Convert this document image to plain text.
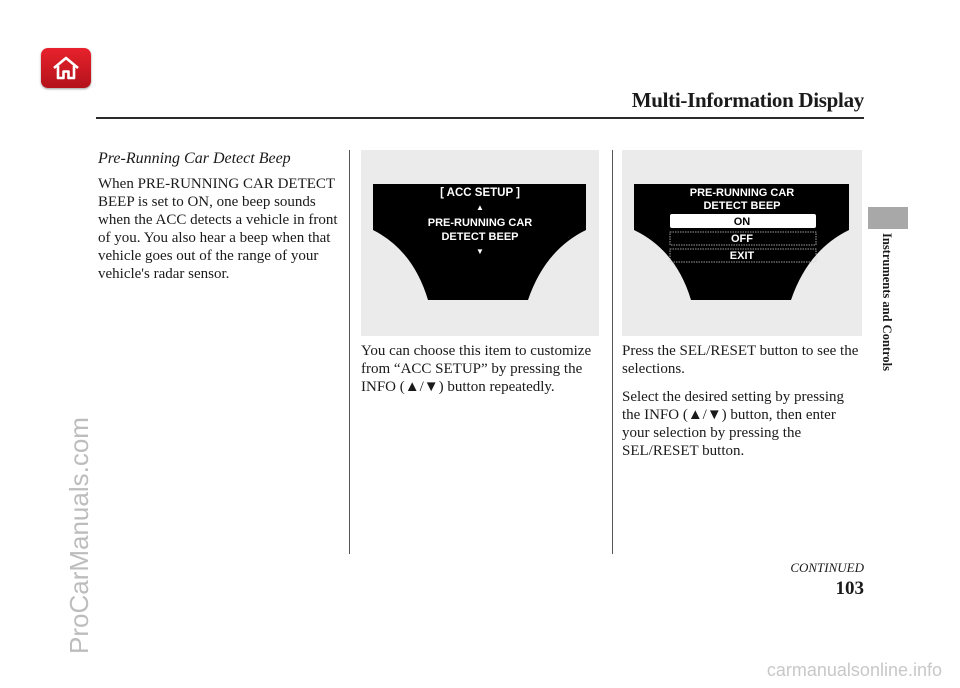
Multi-Information Display
Instruments and Controls
Pre-Running Car Detect Beep
When PRE-RUNNING CAR DETECT BEEP is set to ON, one beep sounds when the ACC detects a vehicle in front of you. You also hear a beep when that vehicle goes out of the range of your vehicle's radar sensor.
[ ACC SETUP ]
▲
PRE-RUNNING CAR
DETECT BEEP
▼

You can choose this item to customize from “ACC SETUP” by pressing the INFO (▲/▼) button repeatedly.

PRE-RUNNING CAR
DETECT BEEP
ON
OFF
EXIT

Press the SEL/RESET button to see the selections.

Select the desired setting by pressing the INFO (▲/▼) button, then enter your selection by pressing the SEL/RESET button.

CONTINUED
103
ProCarManuals.com
carmanualsonline.info
